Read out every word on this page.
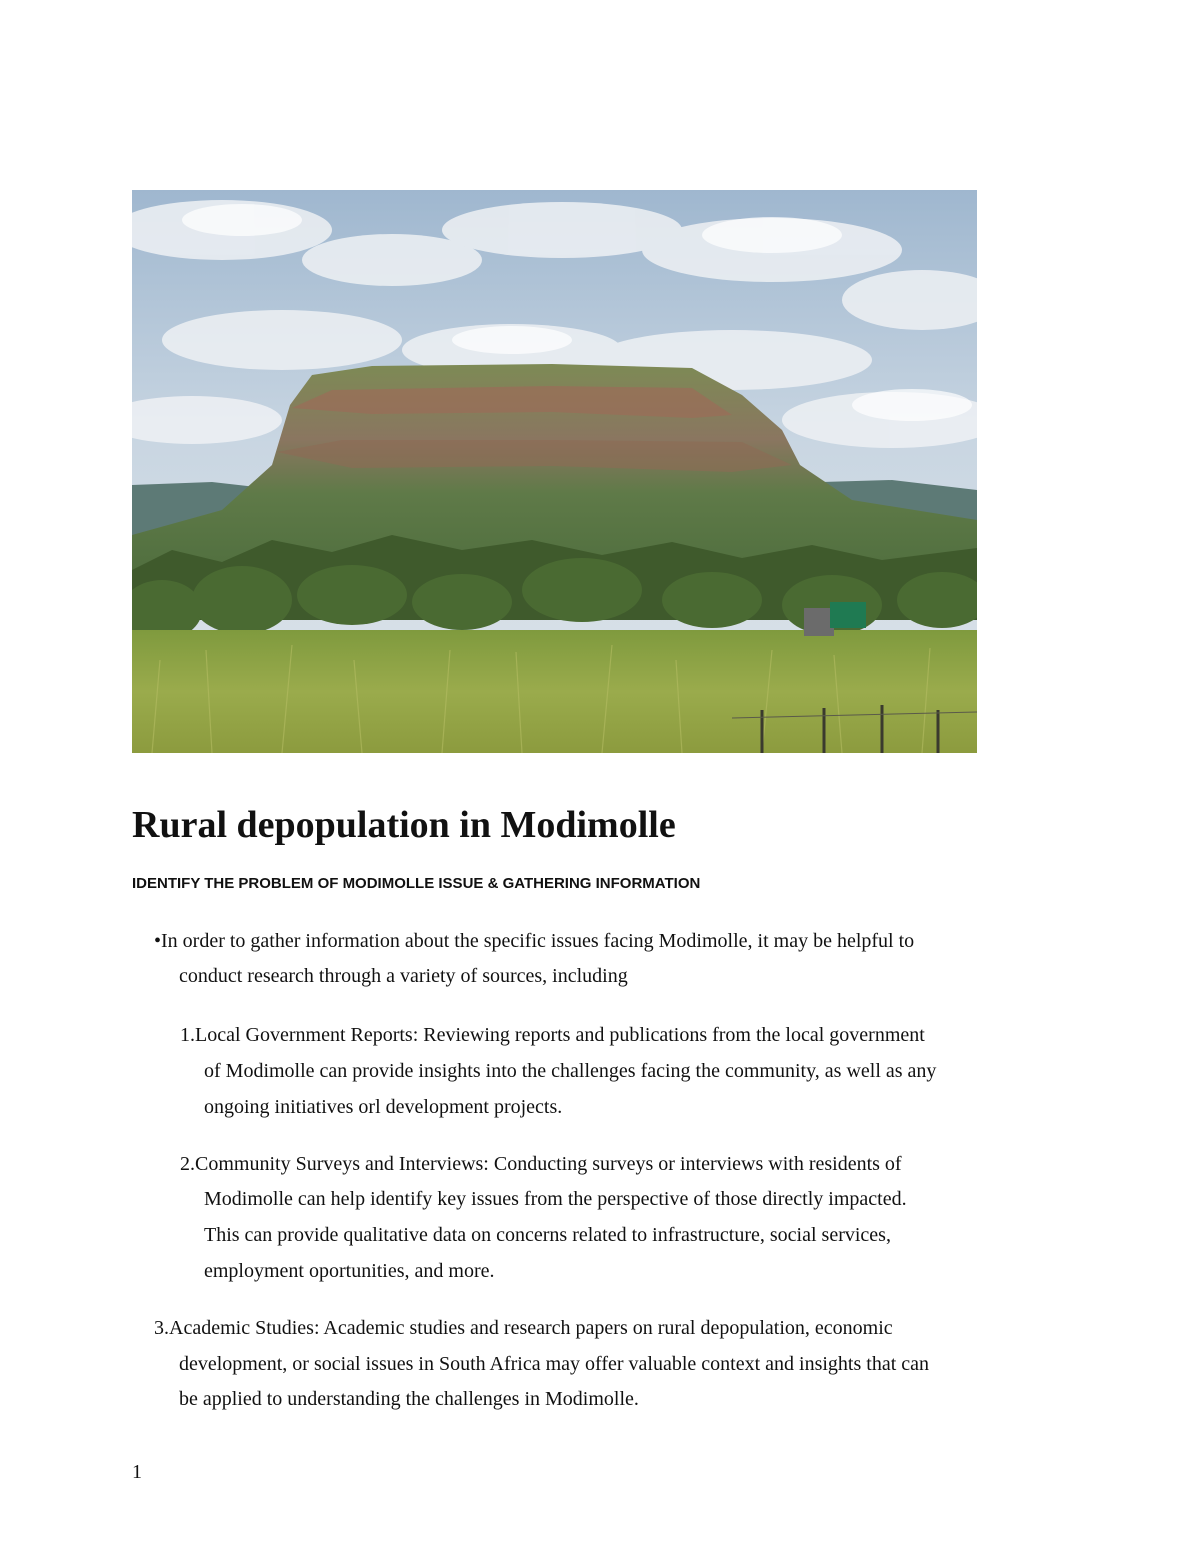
Rural depopulation in Modimolle
IDENTIFY THE PROBLEM OF MODIMOLLE ISSUE & GATHERING INFORMATION

•In order to gather information about the specific issues facing Modimolle, it may be helpful to

conduct research through a variety of sources, including

1.Local Government Reports: Reviewing reports and publications from the local government

of Modimolle can provide insights into the challenges facing the community, as well as any

ongoing initiatives orl development projects.

2.Community Surveys and Interviews: Conducting surveys or interviews with residents of

Modimolle can help identify key issues from the perspective of those directly impacted.

This can provide qualitative data on concerns related to infrastructure, social services,

employment oportunities, and more.

3.Academic Studies: Academic studies and research papers on rural depopulation, economic

development, or social issues in South Africa may offer valuable context and insights that can

be applied to understanding the challenges in Modimolle.

1
